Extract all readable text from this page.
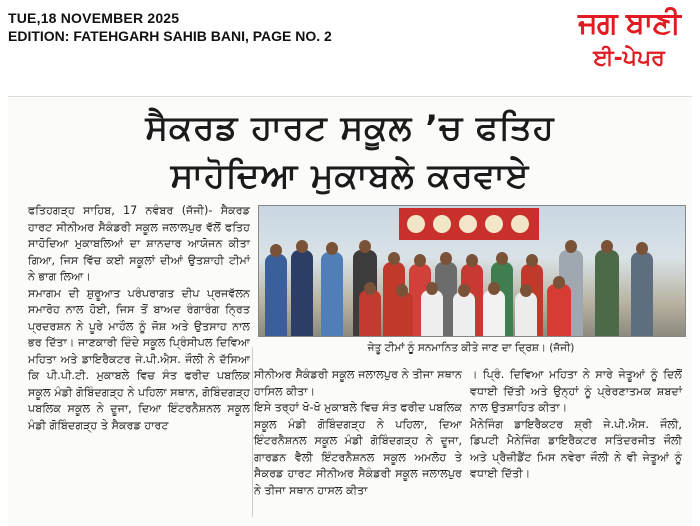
TUE,18 NOVEMBER 2025
EDITION: FATEHGARH SAHIB BANI, PAGE NO. 2	ਜਗ ਬਾਣੀ
ਈ-ਪੇਪਰ
ਸੈਕਰਡ ਹਾਰਟ ਸਕੂਲ ’ਚ ਫਤਿਹ
ਸਾਹੋਦਿਆ ਮੁਕਾਬਲੇ ਕਰਵਾਏ

ਫਤਿਹਗੜ੍ਹ ਸਾਹਿਬ, 17 ਨਵੰਬਰ (ਜੱਜੀ)- ਸੈਕਰਡ ਹਾਰਟ ਸੀਨੀਅਰ ਸੈਕੰਡਰੀ ਸਕੂਲ ਜਲਾਲਪੁਰ ਵੱਲੋਂ ਫਤਿਹ ਸਾਹੋਦਿਆ ਮੁਕਾਬਲਿਆਂ ਦਾ ਸ਼ਾਨਦਾਰ ਆਯੋਜਨ ਕੀਤਾ ਗਿਆ, ਜਿਸ ਵਿੱਚ ਕਈ ਸਕੂਲਾਂ ਦੀਆਂ ਉਤਸ਼ਾਹੀ ਟੀਮਾਂ ਨੇ ਭਾਗ ਲਿਆ।

ਸਮਾਗਮ ਦੀ ਸ਼ੁਰੂਆਤ ਪਰੰਪਰਾਗਤ ਦੀਪ ਪ੍ਰਜਵੱਲਨ ਸਮਾਰੋਹ ਨਾਲ ਹੋਈ, ਜਿਸ ਤੋਂ ਬਾਅਦ ਰੰਗਾਰੰਗ ਨ੍ਰਿਤ ਪ੍ਰਦਰਸ਼ਨ ਨੇ ਪੂਰੇ ਮਾਹੌਲ ਨੂੰ ਜੋਸ਼ ਅਤੇ ਉਤਸਾਹ ਨਾਲ ਭਰ ਦਿੱਤਾ। ਜਾਣਕਾਰੀ ਦਿੰਦੇ ਸਕੂਲ ਪ੍ਰਿੰਸੀਪਲ ਦਿਵਿਆ ਮਹਿਤਾ ਅਤੇ ਡਾਇਰੈਕਟਰ ਜੇ.ਪੀ.ਐਸ. ਜੌਲੀ ਨੇ ਦੱਸਿਆ ਕਿ ਪੀ.ਪੀ.ਟੀ. ਮੁਕਾਬਲੇ ਵਿਚ ਸੰਤ ਫਰੀਦ ਪਬਲਿਕ ਸਕੂਲ ਮੰਡੀ ਗੋਬਿੰਦਗੜ੍ਹ ਨੇ ਪਹਿਲਾ ਸਥਾਨ, ਗੋਬਿੰਦਗੜ੍ਹ ਪਬਲਿਕ ਸਕੂਲ ਨੇ ਦੂਜਾ, ਦਿਆ ਇੰਟਰਨੈਸ਼ਨਲ ਸਕੂਲ ਮੰਡੀ ਗੋਬਿੰਦਗੜ੍ਹ ਤੇ ਸੈਕਰਡ ਹਾਰਟ

ਜੇਤੂ ਟੀਮਾਂ ਨੂੰ ਸਨਮਾਨਿਤ ਕੀਤੇ ਜਾਣ ਦਾ ਦ੍ਰਿਸ਼। (ਜੱਜੀ)

ਸੀਨੀਅਰ ਸੈਕੰਡਰੀ ਸਕੂਲ ਜਲਾਲਪੁਰ ਨੇ ਤੀਜਾ ਸਥਾਨ ਹਾਸਿਲ ਕੀਤਾ।

ਇਸੇ ਤਰ੍ਹਾਂ ਖੋ-ਖੋ ਮੁਕਾਬਲੇ ਵਿਚ ਸੰਤ ਫਰੀਦ ਪਬਲਿਕ ਸਕੂਲ ਮੰਡੀ ਗੋਬਿੰਦਗੜ੍ਹ ਨੇ ਪਹਿਲਾ, ਦਿਆ ਇੰਟਰਨੈਸ਼ਨਲ ਸਕੂਲ ਮੰਡੀ ਗੋਬਿੰਦਗੜ੍ਹ ਨੇ ਦੂਜਾ, ਗਾਰਡਨ ਵੈਲੀ ਇੰਟਰਨੈਸ਼ਨਲ ਸਕੂਲ ਅਮਲੋਹ ਤੇ ਸੈਕਰਡ ਹਾਰਟ ਸੀਨੀਅਰ ਸੈਕੰਡਰੀ ਸਕੂਲ ਜਲਾਲਪੁਰ ਨੇ ਤੀਜਾ ਸਥਾਨ ਹਾਸਲ ਕੀਤਾ

। ਪ੍ਰਿੰ. ਦਿਵਿਆ ਮਹਿਤਾ ਨੇ ਸਾਰੇ ਜੇਤੂਆਂ ਨੂੰ ਦਿਲੋਂ ਵਧਾਈ ਦਿੱਤੀ ਅਤੇ ਉਨ੍ਹਾਂ ਨੂੰ ਪ੍ਰੇਰਣਾਤਮਕ ਸ਼ਬਦਾਂ ਨਾਲ ਉਤਸ਼ਾਹਿਤ ਕੀਤਾ।

ਮੈਨੇਜਿੰਗ ਡਾਇਰੈਕਟਰ ਸ਼੍ਰੀ ਜੇ.ਪੀ.ਐਸ. ਜੌਲੀ, ਡਿਪਟੀ ਮੈਨੇਜਿੰਗ ਡਾਇਰੈਕਟਰ ਸਤਿੰਦਰਜੀਤ ਜੌਲੀ ਅਤੇ ਪ੍ਰੈਜ਼ੀਡੈਂਟ ਮਿਸ ਨਵੇਰਾ ਜੌਲੀ ਨੇ ਵੀ ਜੇਤੂਆਂ ਨੂੰ ਵਧਾਈ ਦਿੱਤੀ।
